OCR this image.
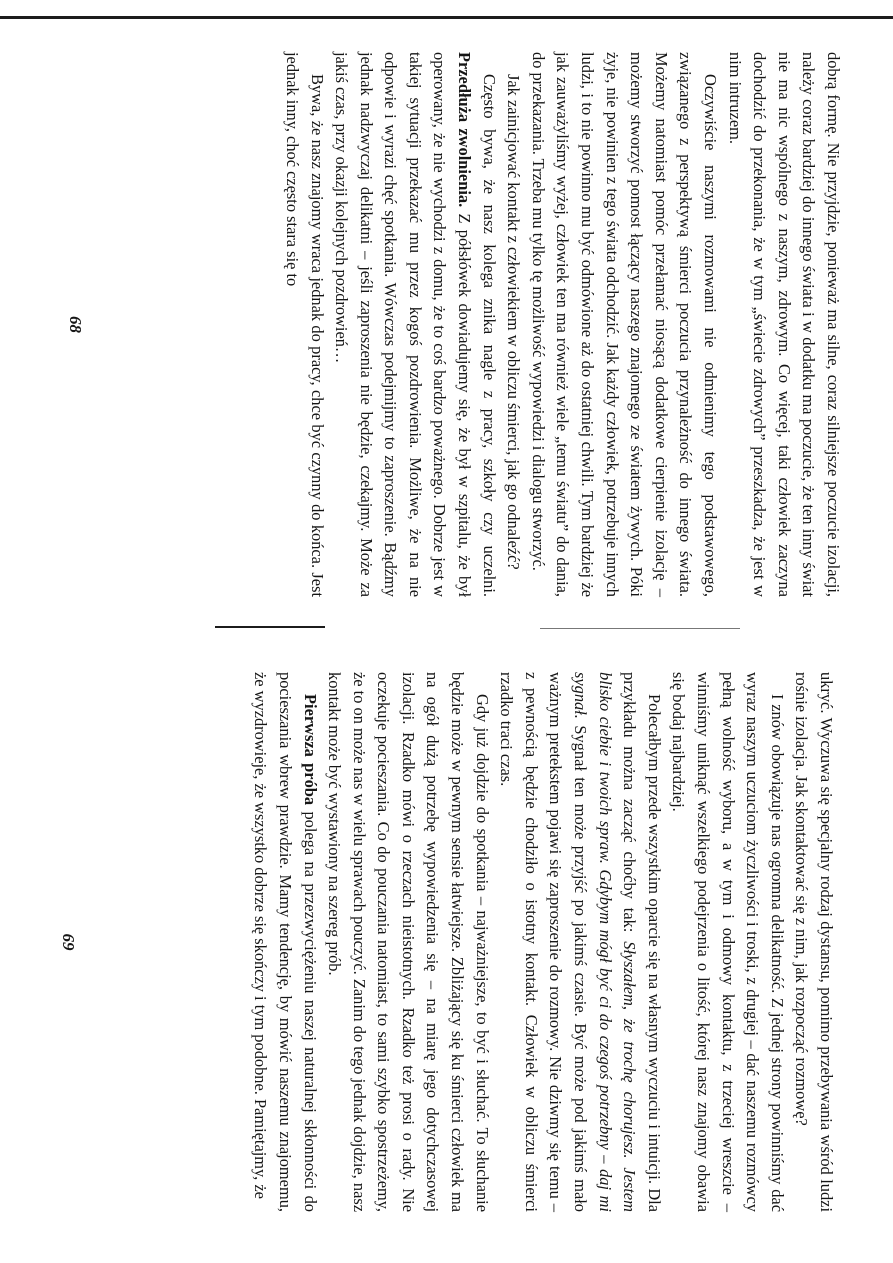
dobrą formę. Nie przyjdzie, ponieważ ma silne, coraz silniejsze poczucie izolacji, należy coraz bardziej do innego świata i w dodatku ma poczucie, że ten inny świat nie ma nic wspólnego z naszym, zdrowym. Co więcej, taki człowiek zaczyna dochodzić do przekonania, że w tym „świecie zdrowych” przeszkadza, że jest w nim intruzem.

Oczywiście naszymi rozmowami nie odmienimy tego podstawowego, związanego z perspektywą śmierci poczucia przynależność do innego świata. Możemy natomiast pomóc przełamać niosącą dodatkowe cierpienie izolację – możemy stworzyć pomost łączący naszego znajomego ze światem żywych. Póki żyje, nie powinien z tego świata odchodzić. Jak każdy człowiek, potrzebuje innych ludzi, i to nie powinno mu być odmówione aż do ostatniej chwili. Tym bardziej że jak zauważyliśmy wyżej, człowiek ten ma również wiele „temu światu” do dania, do przekazania. Trzeba mu tylko tę możliwość wypowiedzi i dialogu stworzyć.

Jak zainicjować kontakt z człowiekiem w obliczu śmierci, jak go odnaleźć?

Często bywa, że nasz kolega znika nagle z pracy, szkoły czy uczelni. Przedłuża zwolnienia. Z półsłówek dowiadujemy się, że był w szpitalu, że był operowany, że nie wychodzi z domu, że to coś bardzo poważnego. Dobrze jest w takiej sytuacji przekazać mu przez kogoś pozdrowienia. Możliwe, że na nie odpowie i wyrazi chęć spotkania. Wówczas podejmijmy to zaproszenie. Bądźmy jednak nadzwyczaj delikatni – jeśli zaproszenia nie będzie, czekajmy. Może za jakiś czas, przy okazji kolejnych pozdrowień…

Bywa, że nasz znajomy wraca jednak do pracy, chce być czynny do końca. Jest jednak inny, choć często stara się to

68

ukryć. Wyczuwa się specjalny rodzaj dystansu, pomimo przebywania wśród ludzi rośnie izolacja. Jak skontaktować się z nim, jak rozpocząć rozmowę?

I znów obowiązuje nas ogromna delikatność. Z jednej strony powinniśmy dać wyraz naszym uczuciom życzliwości i troski, z drugiej – dać naszemu rozmówcy pełną wolność wyboru, a w tym i odmowy kontaktu, z trzeciej wreszcie – winniśmy uniknąć wszelkiego podejrzenia o litość, której nasz znajomy obawia się bodaj najbardziej.

Polecałbym przede wszystkim oparcie się na własnym wyczuciu i intuicji. Dla przykładu można zacząć choćby tak: Słyszałem, że trochę chorujesz. Jestem blisko ciebie i twoich spraw. Gdybym mógł być ci do czegoś potrzebny – daj mi sygnał. Sygnał ten może przyjść po jakimś czasie. Być może pod jakimś mało ważnym pretekstem pojawi się zaproszenie do rozmowy. Nie dziwmy się temu – z pewnością będzie chodziło o istotny kontakt. Człowiek w obliczu śmierci rzadko traci czas.

Gdy już dojdzie do spotkania – najważniejsze, to być i słuchać. To słuchanie będzie może w pewnym sensie łatwiejsze. Zbliżający się ku śmierci człowiek ma na ogół dużą potrzebę wypowiedzenia się – na miarę jego dotychczasowej izolacji. Rzadko mówi o rzeczach nieistotnych. Rzadko też prosi o rady. Nie oczekuje pocieszania. Co do pouczania natomiast, to sami szybko spostrzeżemy, że to on może nas w wielu sprawach pouczyć. Zanim do tego jednak dojdzie, nasz kontakt może być wystawiony na szereg prób.

Pierwsza próba polega na przezwyciężeniu naszej naturalnej skłonności do pocieszania wbrew prawdzie. Mamy tendencję, by mówić naszemu znajomemu, że wyzdrowieje, że wszystko dobrze się skończy i tym podobne. Pamiętajmy, że

69
